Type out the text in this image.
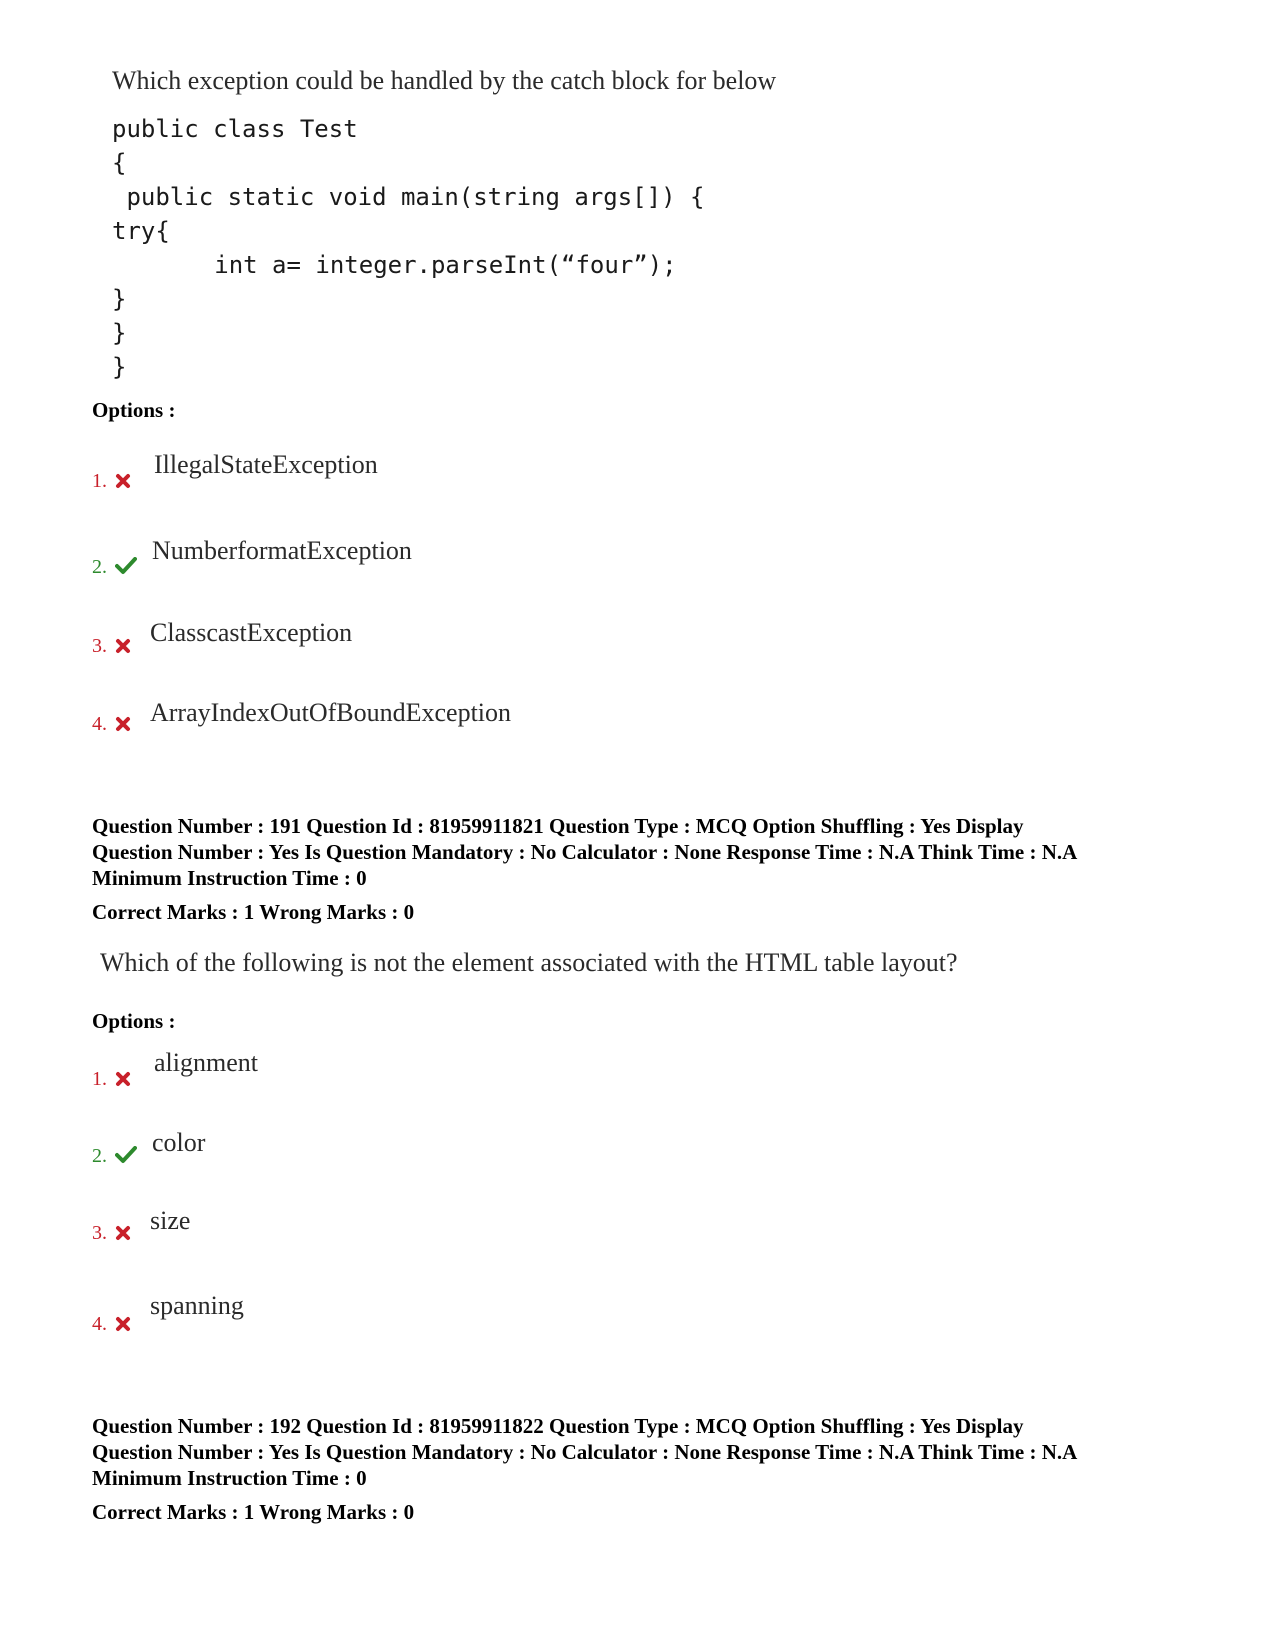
Which exception could be handled by the catch block for below
public class Test
{
public static void main(string args[]) {
try{
int a= integer.parseInt(“four”);
}
}
}
Options :
1.
IllegalStateException
2.
NumberformatException
3.	ClasscastException
4.	ArrayIndexOutOfBoundException
Question Number : 191 Question Id : 81959911821 Question Type : MCQ Option Shuffling : Yes Display
Question Number : Yes Is Question Mandatory : No Calculator : None Response Time : N.A Think Time : N.A
Minimum Instruction Time : 0
Correct Marks : 1 Wrong Marks : 0
Which of the following is not the element associated with the HTML table layout?
Options :
1.
alignment
2.	color
3.	size
4.
spanning
Question Number : 192 Question Id : 81959911822 Question Type : MCQ Option Shuffling : Yes Display
Question Number : Yes Is Question Mandatory : No Calculator : None Response Time : N.A Think Time : N.A
Minimum Instruction Time : 0
Correct Marks : 1 Wrong Marks : 0
